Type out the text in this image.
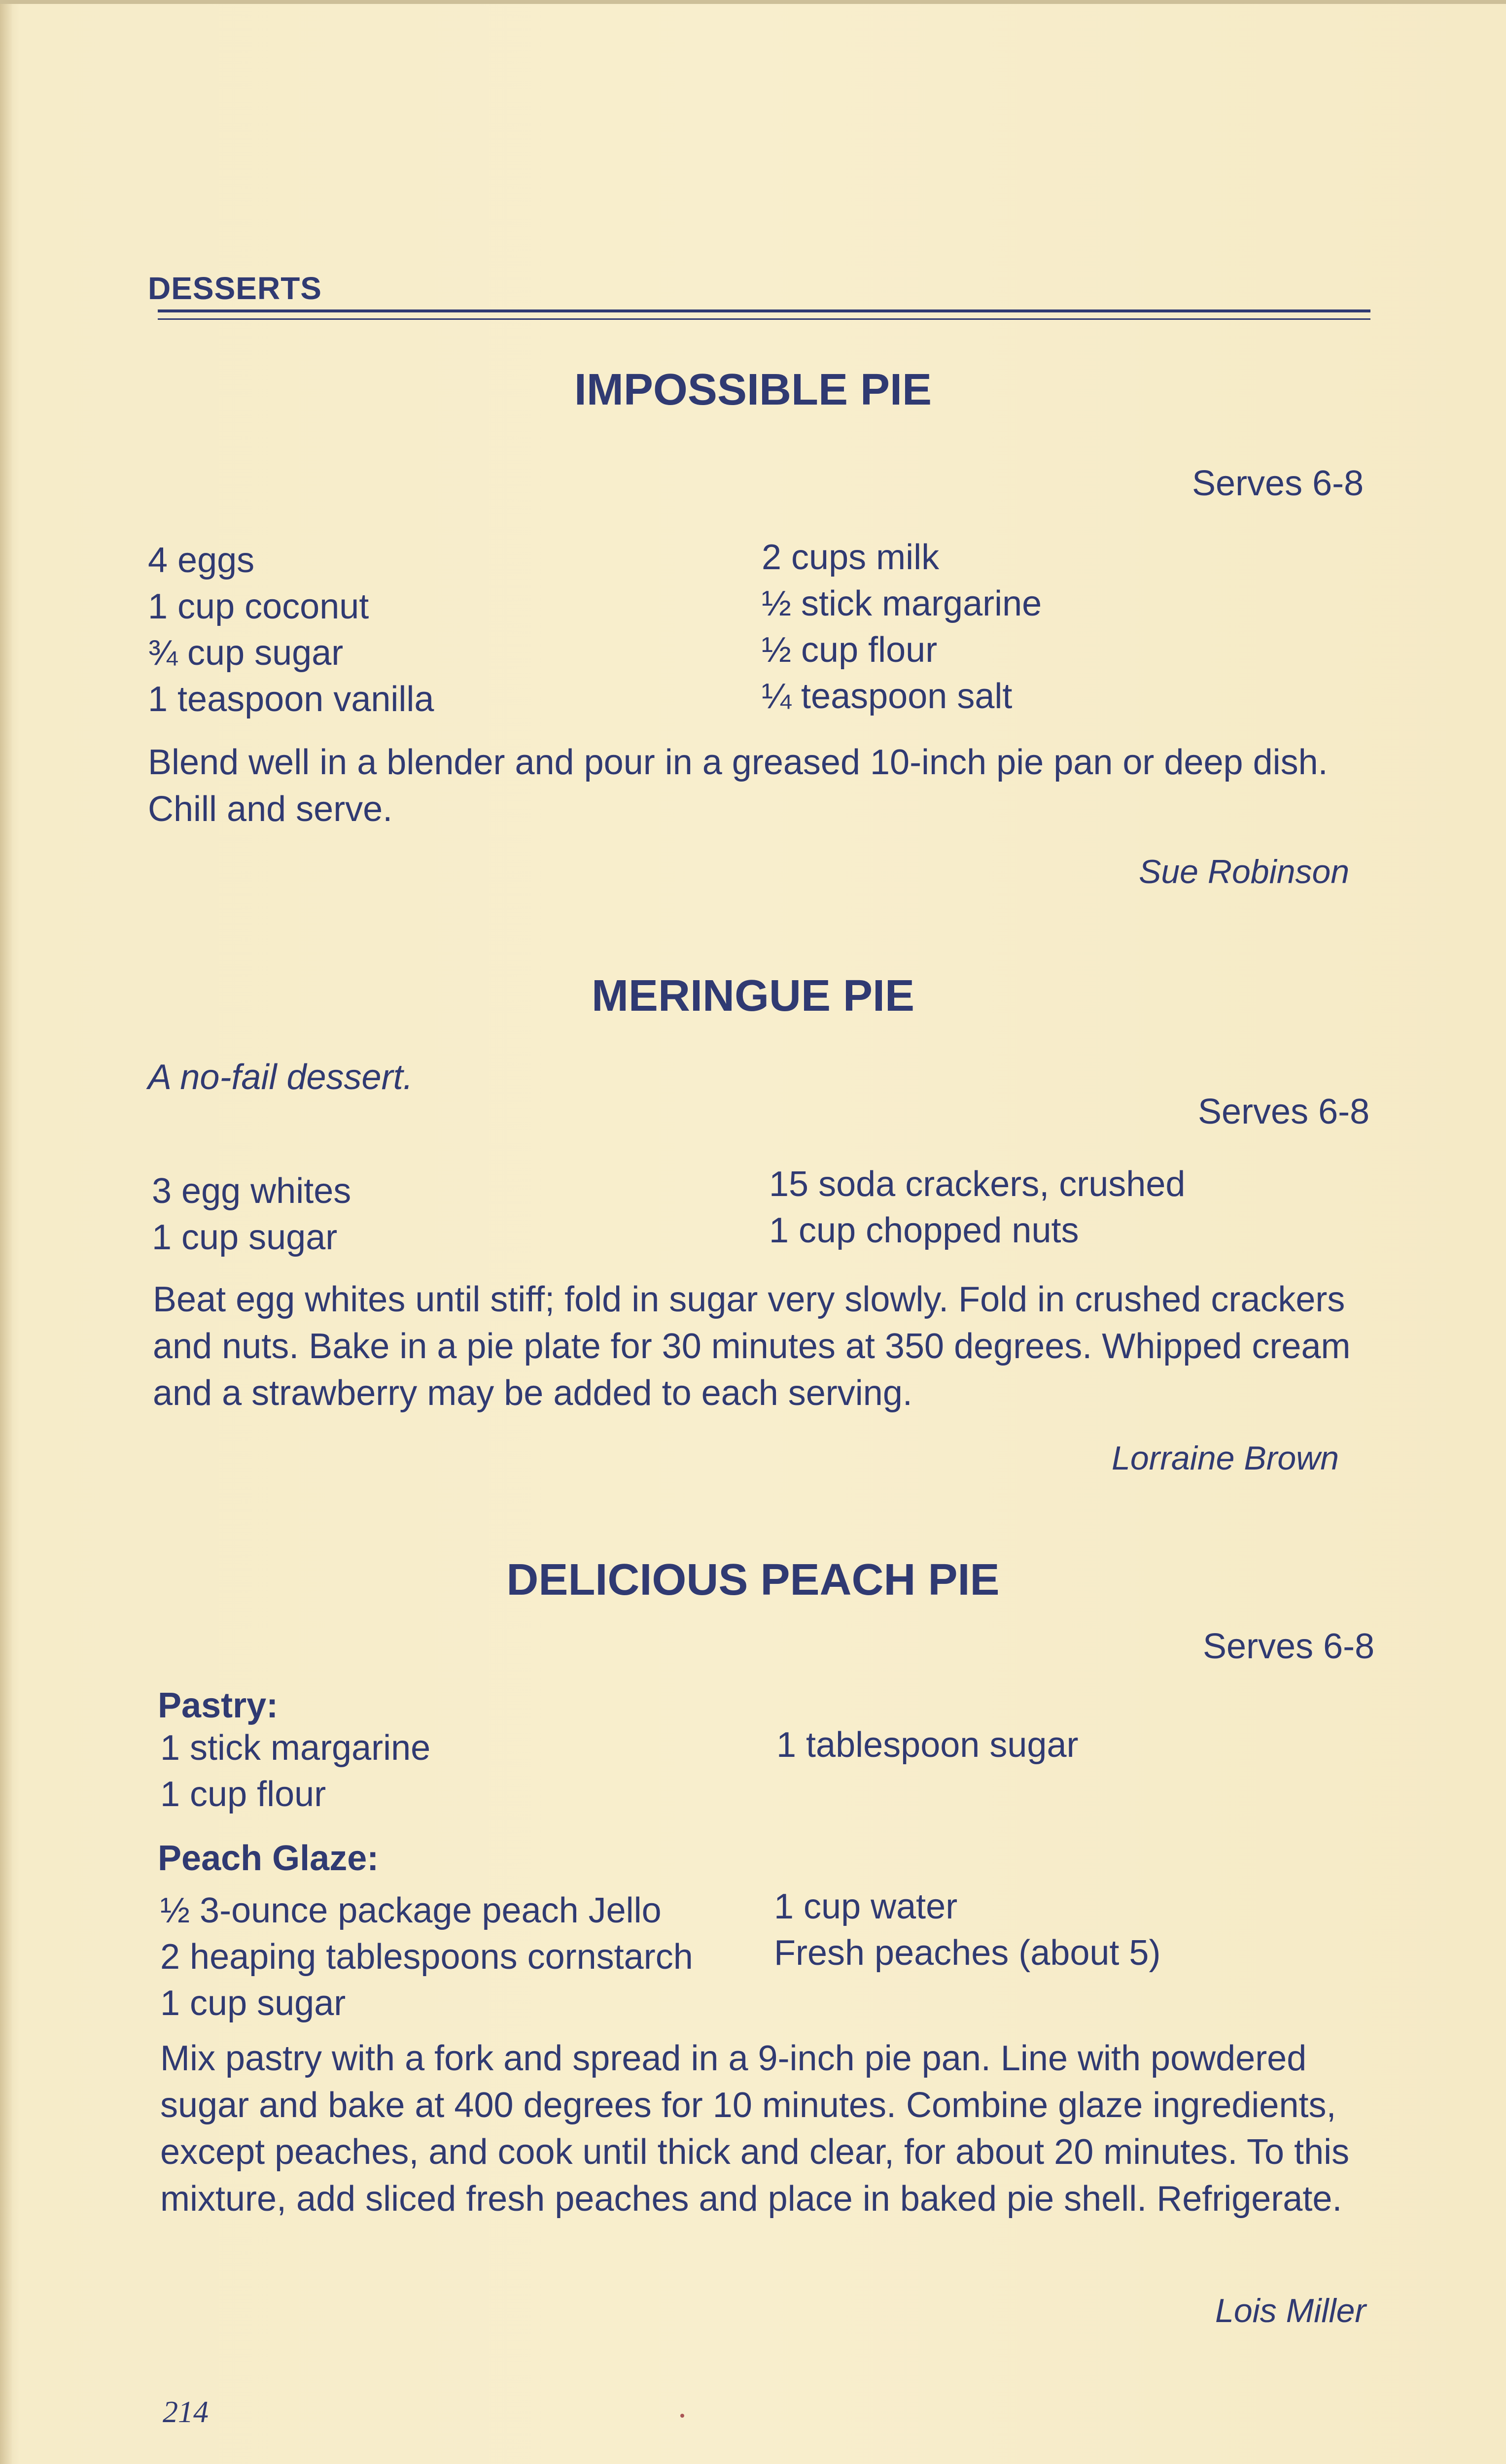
DESSERTS
IMPOSSIBLE PIE
Serves 6-8
4 eggs
1 cup coconut
¾ cup sugar
1 teaspoon vanilla
2 cups milk
½ stick margarine
½ cup flour
¼ teaspoon salt
Blend well in a blender and pour in a greased 10-inch pie pan or deep dish. Chill and serve.
Sue Robinson
MERINGUE PIE
A no-fail dessert.
Serves 6-8
3 egg whites
1 cup sugar
15 soda crackers, crushed
1 cup chopped nuts
Beat egg whites until stiff; fold in sugar very slowly. Fold in crushed crackers and nuts. Bake in a pie plate for 30 minutes at 350 degrees. Whipped cream and a strawberry may be added to each serving.
Lorraine Brown
DELICIOUS PEACH PIE
Serves 6-8
Pastry:
1 stick margarine
1 cup flour
1 tablespoon sugar
Peach Glaze:
½ 3-ounce package peach Jello
2 heaping tablespoons cornstarch
1 cup sugar
1 cup water
Fresh peaches (about 5)
Mix pastry with a fork and spread in a 9-inch pie pan. Line with powdered sugar and bake at 400 degrees for 10 minutes. Combine glaze ingredients, except peaches, and cook until thick and clear, for about 20 minutes. To this mixture, add sliced fresh peaches and place in baked pie shell. Refrigerate.
Lois Miller
214
